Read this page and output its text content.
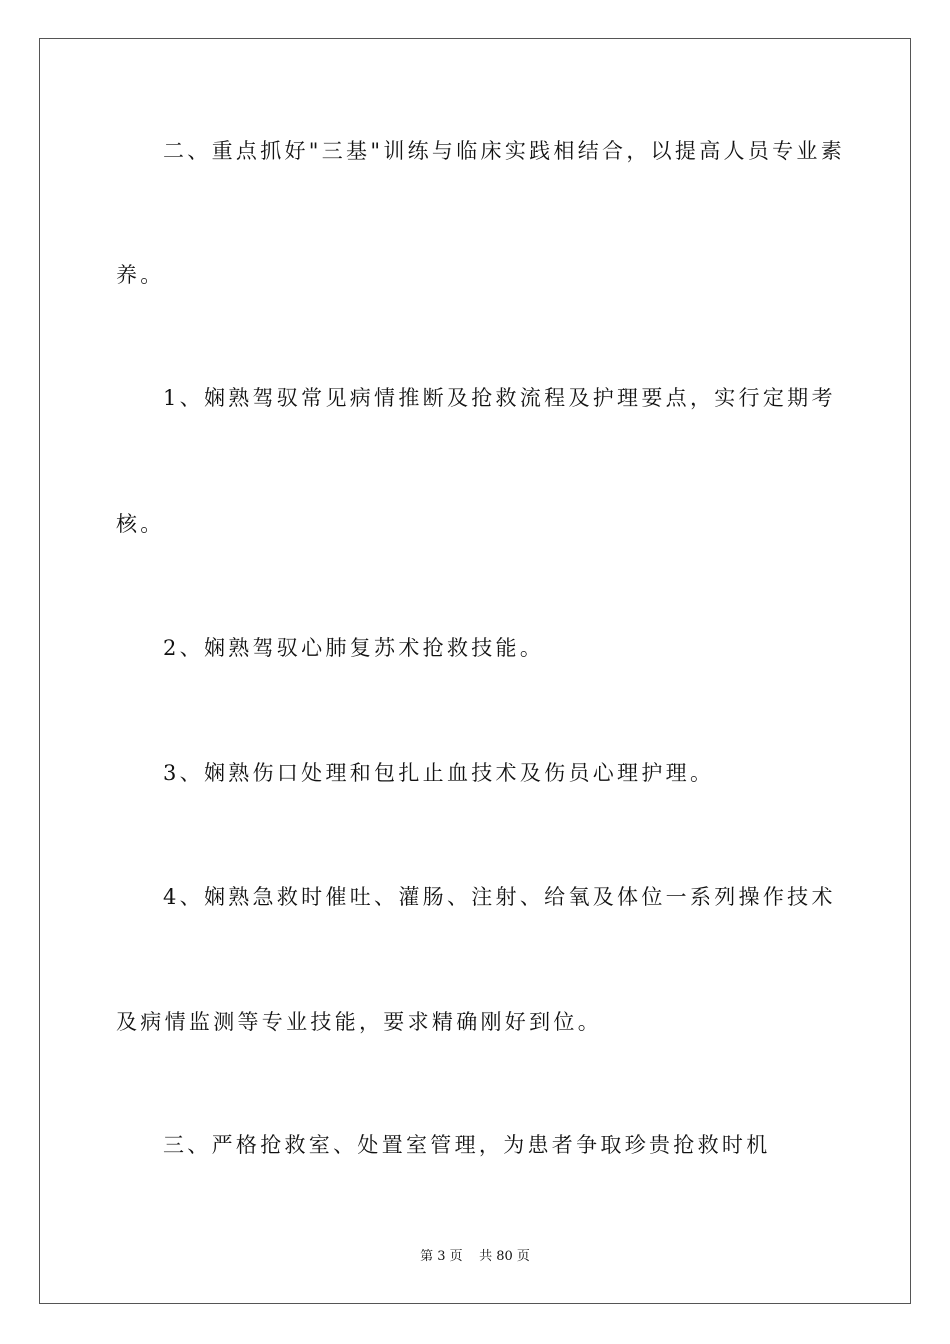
二、重点抓好"三基"训练与临床实践相结合，以提高人员专业素
养。
1、娴熟驾驭常见病情推断及抢救流程及护理要点，实行定期考
核。
2、娴熟驾驭心肺复苏术抢救技能。
3、娴熟伤口处理和包扎止血技术及伤员心理护理。
4、娴熟急救时催吐、灌肠、注射、给氧及体位一系列操作技术
及病情监测等专业技能，要求精确刚好到位。
三、严格抢救室、处置室管理，为患者争取珍贵抢救时机
第 3 页    共 80 页
